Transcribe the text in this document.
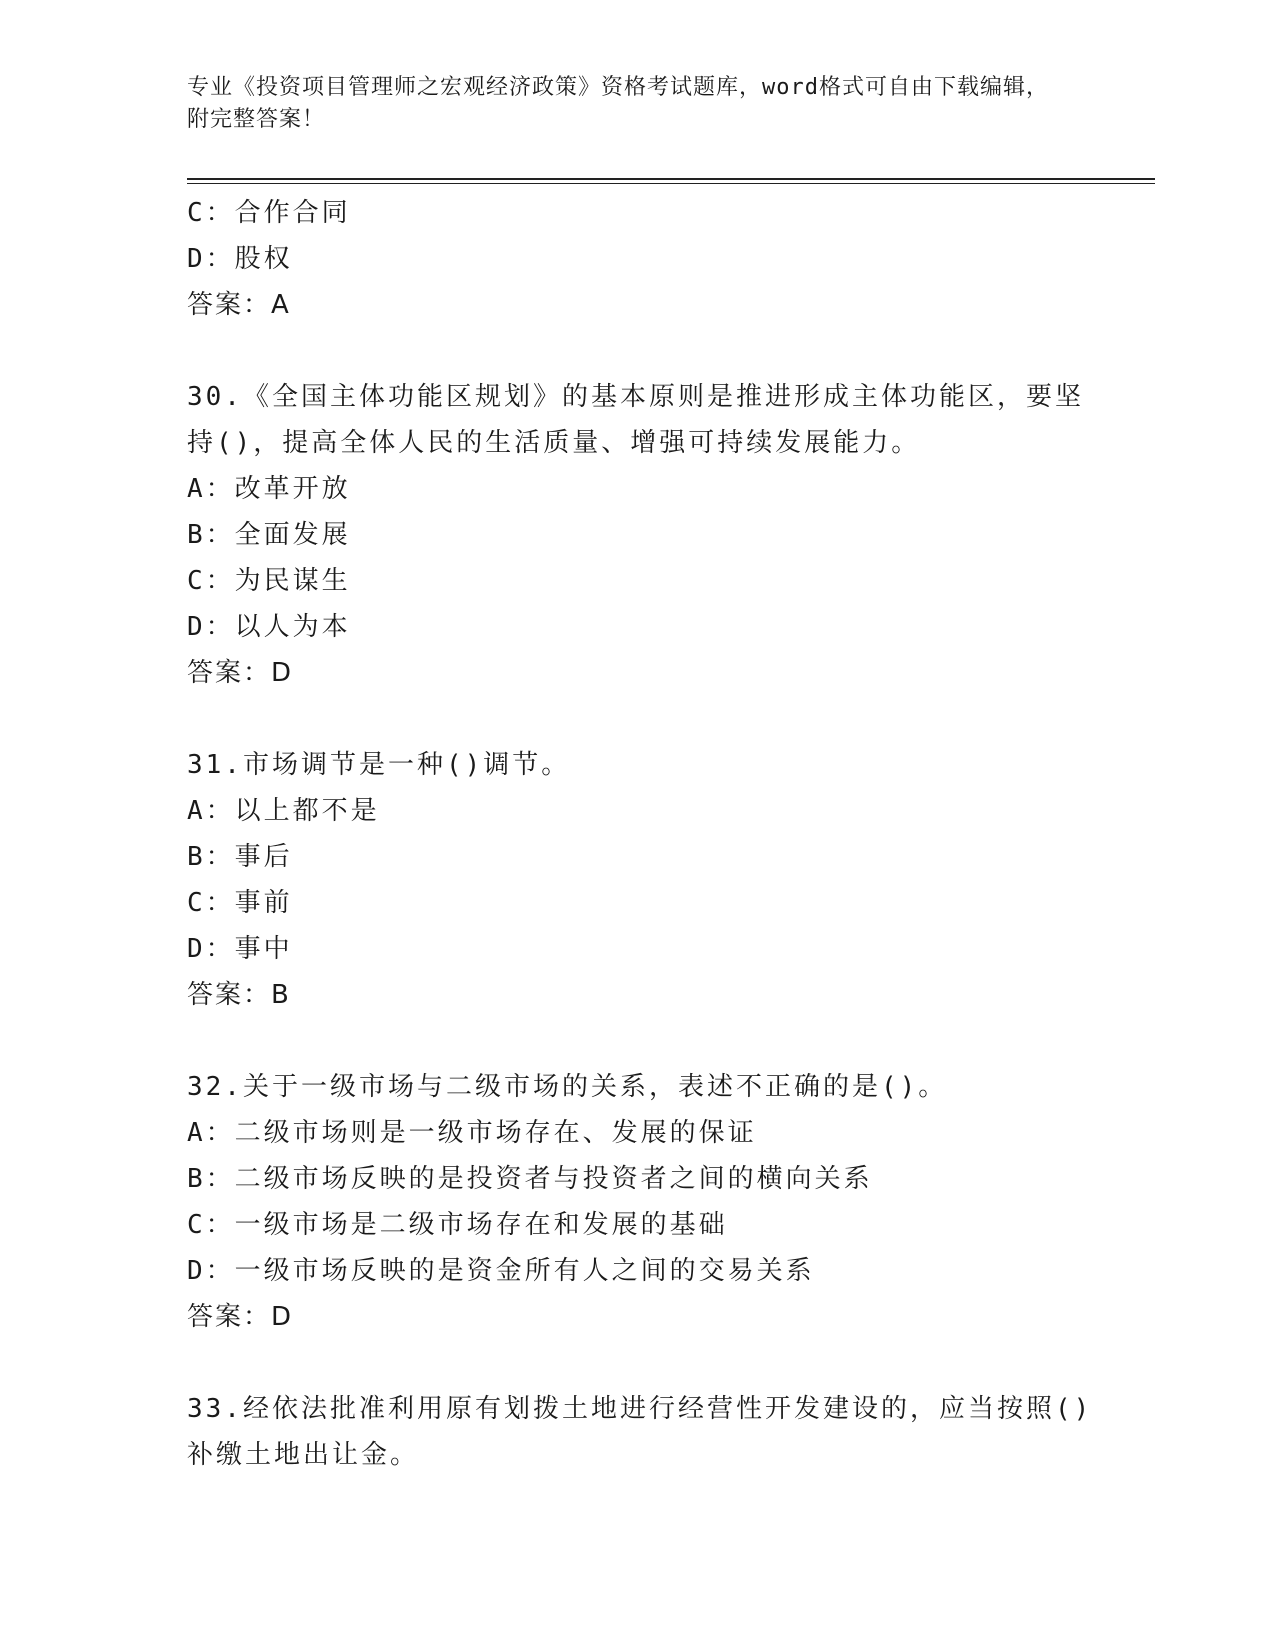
专业《投资项目管理师之宏观经济政策》资格考试题库，word格式可自由下载编辑，附完整答案！
C：合作合同
D：股权
答案：A
30.《全国主体功能区规划》的基本原则是推进形成主体功能区，要坚
持()，提高全体人民的生活质量、增强可持续发展能力。
A：改革开放
B：全面发展
C：为民谋生
D：以人为本
答案：D
31.市场调节是一种()调节。
A：以上都不是
B：事后
C：事前
D：事中
答案：B
32.关于一级市场与二级市场的关系，表述不正确的是()。
A：二级市场则是一级市场存在、发展的保证
B：二级市场反映的是投资者与投资者之间的横向关系
C：一级市场是二级市场存在和发展的基础
D：一级市场反映的是资金所有人之间的交易关系
答案：D
33.经依法批准利用原有划拨土地进行经营性开发建设的，应当按照()
补缴土地出让金。
